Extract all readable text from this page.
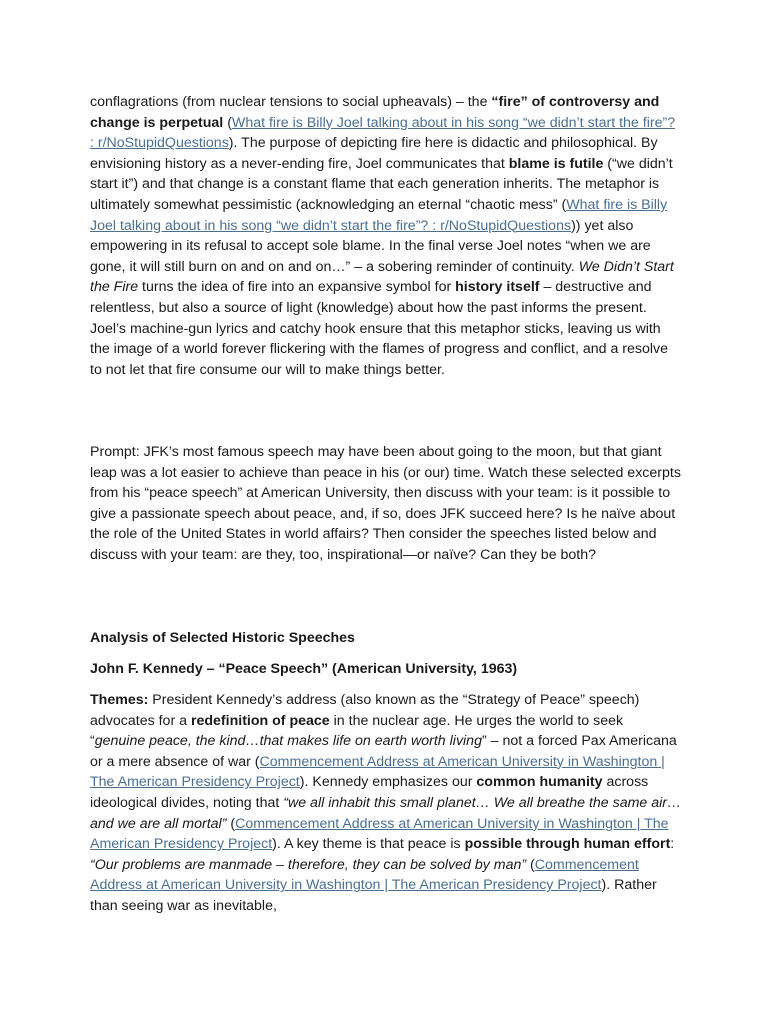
conflagrations (from nuclear tensions to social upheavals) – the “fire” of controversy and change is perpetual (What fire is Billy Joel talking about in his song “we didn’t start the fire”? : r/NoStupidQuestions). The purpose of depicting fire here is didactic and philosophical. By envisioning history as a never-ending fire, Joel communicates that blame is futile (“we didn’t start it”) and that change is a constant flame that each generation inherits. The metaphor is ultimately somewhat pessimistic (acknowledging an eternal “chaotic mess” (What fire is Billy Joel talking about in his song “we didn’t start the fire”? : r/NoStupidQuestions)) yet also empowering in its refusal to accept sole blame. In the final verse Joel notes “when we are gone, it will still burn on and on and on…” – a sobering reminder of continuity. We Didn’t Start the Fire turns the idea of fire into an expansive symbol for history itself – destructive and relentless, but also a source of light (knowledge) about how the past informs the present. Joel’s machine-gun lyrics and catchy hook ensure that this metaphor sticks, leaving us with the image of a world forever flickering with the flames of progress and conflict, and a resolve to not let that fire consume our will to make things better.

Prompt: JFK’s most famous speech may have been about going to the moon, but that giant leap was a lot easier to achieve than peace in his (or our) time. Watch these selected excerpts from his “peace speech” at American University, then discuss with your team: is it possible to give a passionate speech about peace, and, if so, does JFK succeed here? Is he naïve about the role of the United States in world affairs? Then consider the speeches listed below and discuss with your team: are they, too, inspirational—or naïve? Can they be both?

Analysis of Selected Historic Speeches

John F. Kennedy – “Peace Speech” (American University, 1963)

Themes: President Kennedy’s address (also known as the “Strategy of Peace” speech) advocates for a redefinition of peace in the nuclear age. He urges the world to seek “genuine peace, the kind…that makes life on earth worth living” – not a forced Pax Americana or a mere absence of war (Commencement Address at American University in Washington | The American Presidency Project). Kennedy emphasizes our common humanity across ideological divides, noting that “we all inhabit this small planet… We all breathe the same air… and we are all mortal” (Commencement Address at American University in Washington | The American Presidency Project). A key theme is that peace is possible through human effort: “Our problems are manmade – therefore, they can be solved by man” (Commencement Address at American University in Washington | The American Presidency Project). Rather than seeing war as inevitable,
